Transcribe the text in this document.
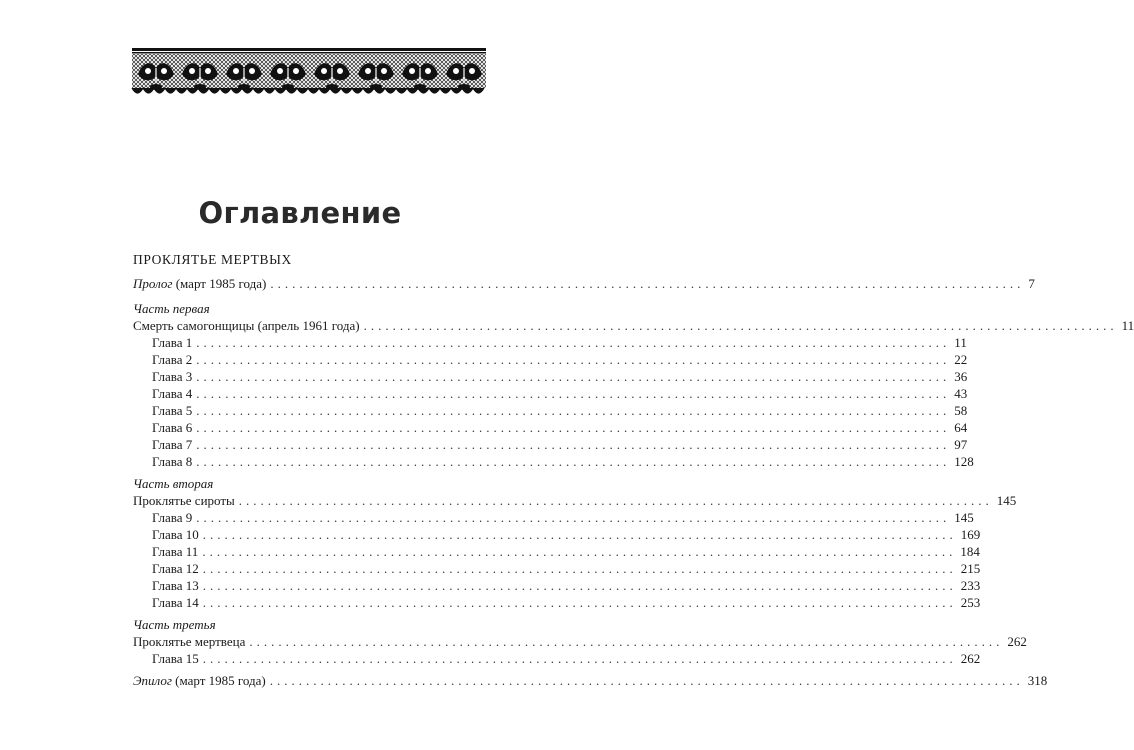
Оглавление
ПРОКЛЯТЬЕ МЕРТВЫХ
Пролог (март 1985 года) ........................................................................................................ 7
Часть первая
Смерть самогонщицы (апрель 1961 года) ........................................................................................................ 11
Глава 1 ........................................................................................................ 11
Глава 2 ........................................................................................................ 22
Глава 3 ........................................................................................................ 36
Глава 4 ........................................................................................................ 43
Глава 5 ........................................................................................................ 58
Глава 6 ........................................................................................................ 64
Глава 7 ........................................................................................................ 97
Глава 8 ........................................................................................................ 128
Часть вторая
Проклятье сироты ........................................................................................................ 145
Глава 9 ........................................................................................................ 145
Глава 10 ........................................................................................................ 169
Глава 11 ........................................................................................................ 184
Глава 12 ........................................................................................................ 215
Глава 13 ........................................................................................................ 233
Глава 14 ........................................................................................................ 253
Часть третья
Проклятье мертвеца ........................................................................................................ 262
Глава 15 ........................................................................................................ 262
Эпилог (март 1985 года) ........................................................................................................ 318
